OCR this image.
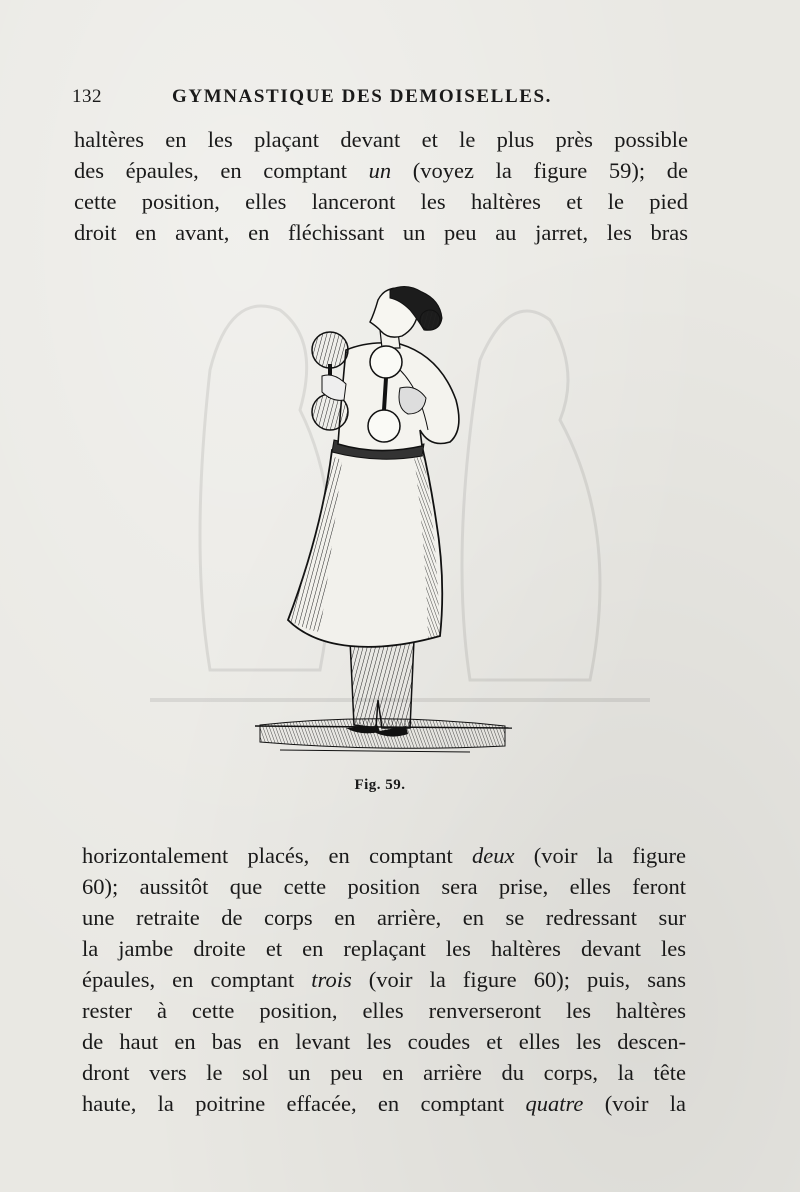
132	GYMNASTIQUE DES DEMOISELLES.

haltères en les plaçant devant et le plus près possible
des épaules, en comptant un (voyez la figure 59); de
cette position, elles lanceront les haltères et le pied
droit en avant, en fléchissant un peu au jarret, les bras

Fig. 59.

horizontalement placés, en comptant deux (voir la figure
60); aussitôt que cette position sera prise, elles feront
une retraite de corps en arrière, en se redressant sur
la jambe droite et en replaçant les haltères devant les
épaules, en comptant trois (voir la figure 60); puis, sans
rester à cette position, elles renverseront les haltères
de haut en bas en levant les coudes et elles les descen-
dront vers le sol un peu en arrière du corps, la tête
haute, la poitrine effacée, en comptant quatre (voir la
